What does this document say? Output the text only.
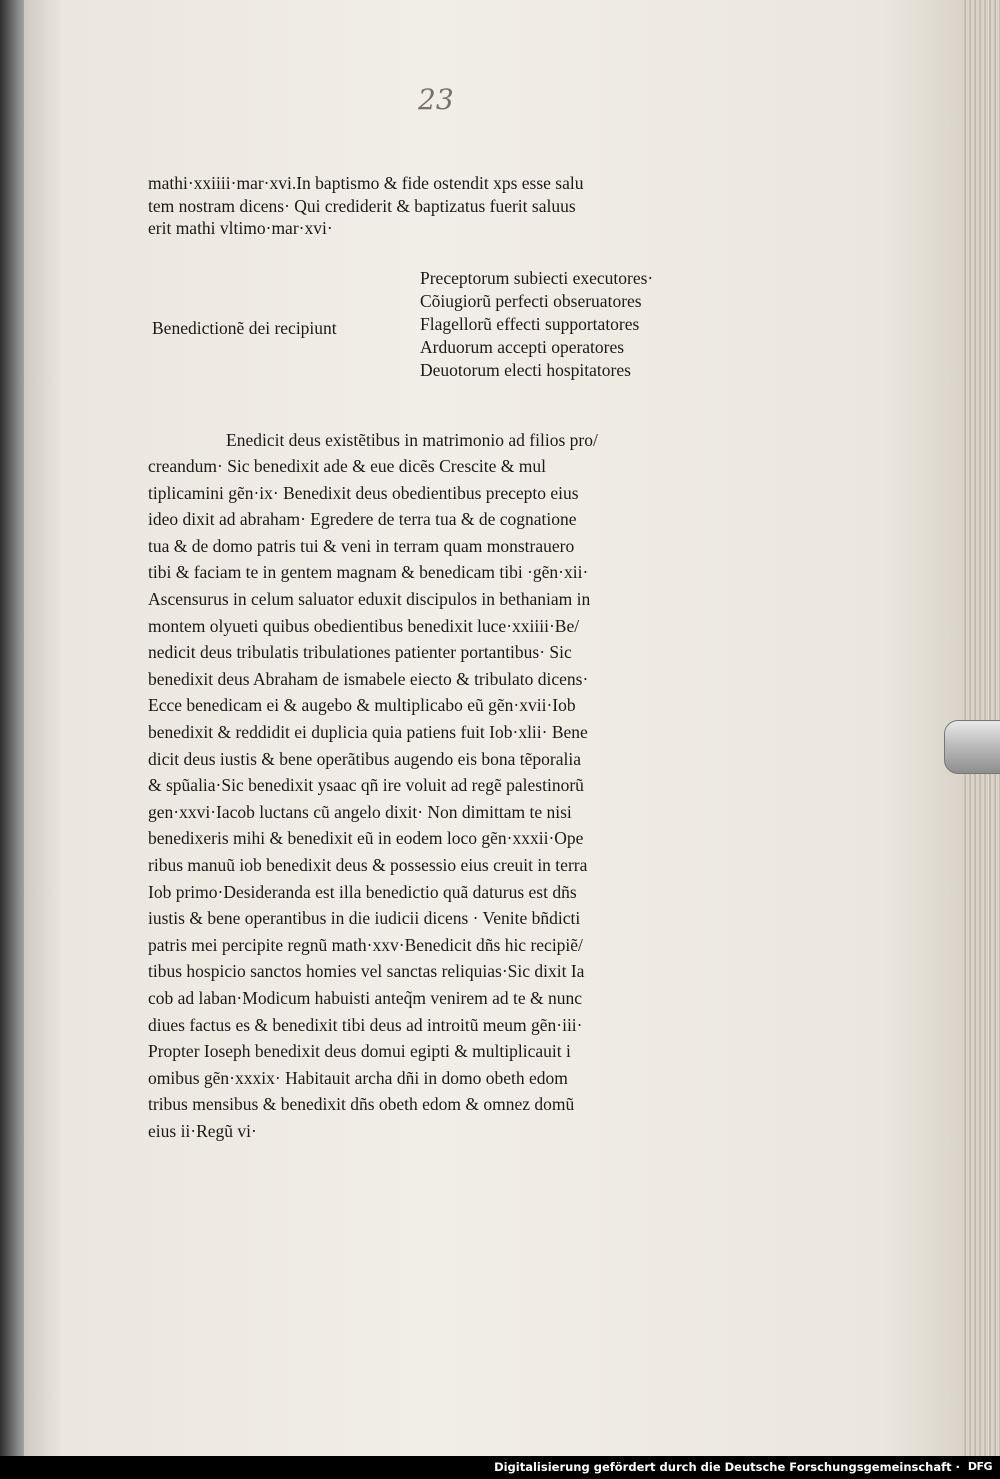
23
mathi·xxiiii·mar·xvi.In baptismo & fide ostendit xps esse salu
tem nostram dicens· Qui crediderit & baptizatus fuerit saluus
erit mathi vltimo·mar·xvi·
Benedictionẽ dei recipiunt
Preceptorum subiecti executores·
Cõiugiorũ perfecti obseruatores
Flagellorũ effecti supportatores
Arduorum accepti operatores
Deuotorum electi hospitatores
Enedicit deus existẽtibus in matrimonio ad filios pro/
creandum· Sic benedixit ade & eue dicẽs Crescite & mul
tiplicamini gẽn·ix· Benedixit deus obedientibus precepto eius
ideo dixit ad abraham· Egredere de terra tua & de cognatione
tua & de domo patris tui & veni in terram quam monstrauero
tibi & faciam te in gentem magnam & benedicam tibi ·gẽn·xii·
Ascensurus in celum saluator eduxit discipulos in bethaniam in
montem olyueti quibus obedientibus benedixit luce·xxiiii·Be/
nedicit deus tribulatis tribulationes patienter portantibus· Sic
benedixit deus Abraham de ismabele eiecto & tribulato dicens·
Ecce benedicam ei & augebo & multiplicabo eũ gẽn·xvii·Iob
benedixit & reddidit ei duplicia quia patiens fuit Iob·xlii· Bene
dicit deus iustis & bene operãtibus augendo eis bona tẽporalia
& spũalia·Sic benedixit ysaac qñ ire voluit ad regẽ palestinorũ
gen·xxvi·Iacob luctans cũ angelo dixit· Non dimittam te nisi
benedixeris mihi & benedixit eũ in eodem loco gẽn·xxxii·Ope
ribus manuũ iob benedixit deus & possessio eius creuit in terra
Iob primo·Desideranda est illa benedictio quã daturus est dñs
iustis & bene operantibus in die iudicii dicens · Venite bñdicti
patris mei percipite regnũ math·xxv·Benedicit dñs hic recipiẽ/
tibus hospicio sanctos homies vel sanctas reliquias·Sic dixit Ia
cob ad laban·Modicum habuisti anteq̃m venirem ad te & nunc
diues factus es & benedixit tibi deus ad introitũ meum gẽn·iii·
Propter Ioseph benedixit deus domui egipti & multiplicauit i
omibus gẽn·xxxix· Habitauit archa dñi in domo obeth edom
tribus mensibus & benedixit dñs obeth edom & omnez domũ
eius ii·Regũ vi·
Digitalisierung gefördert durch die Deutsche Forschungsgemeinschaft · DFG
